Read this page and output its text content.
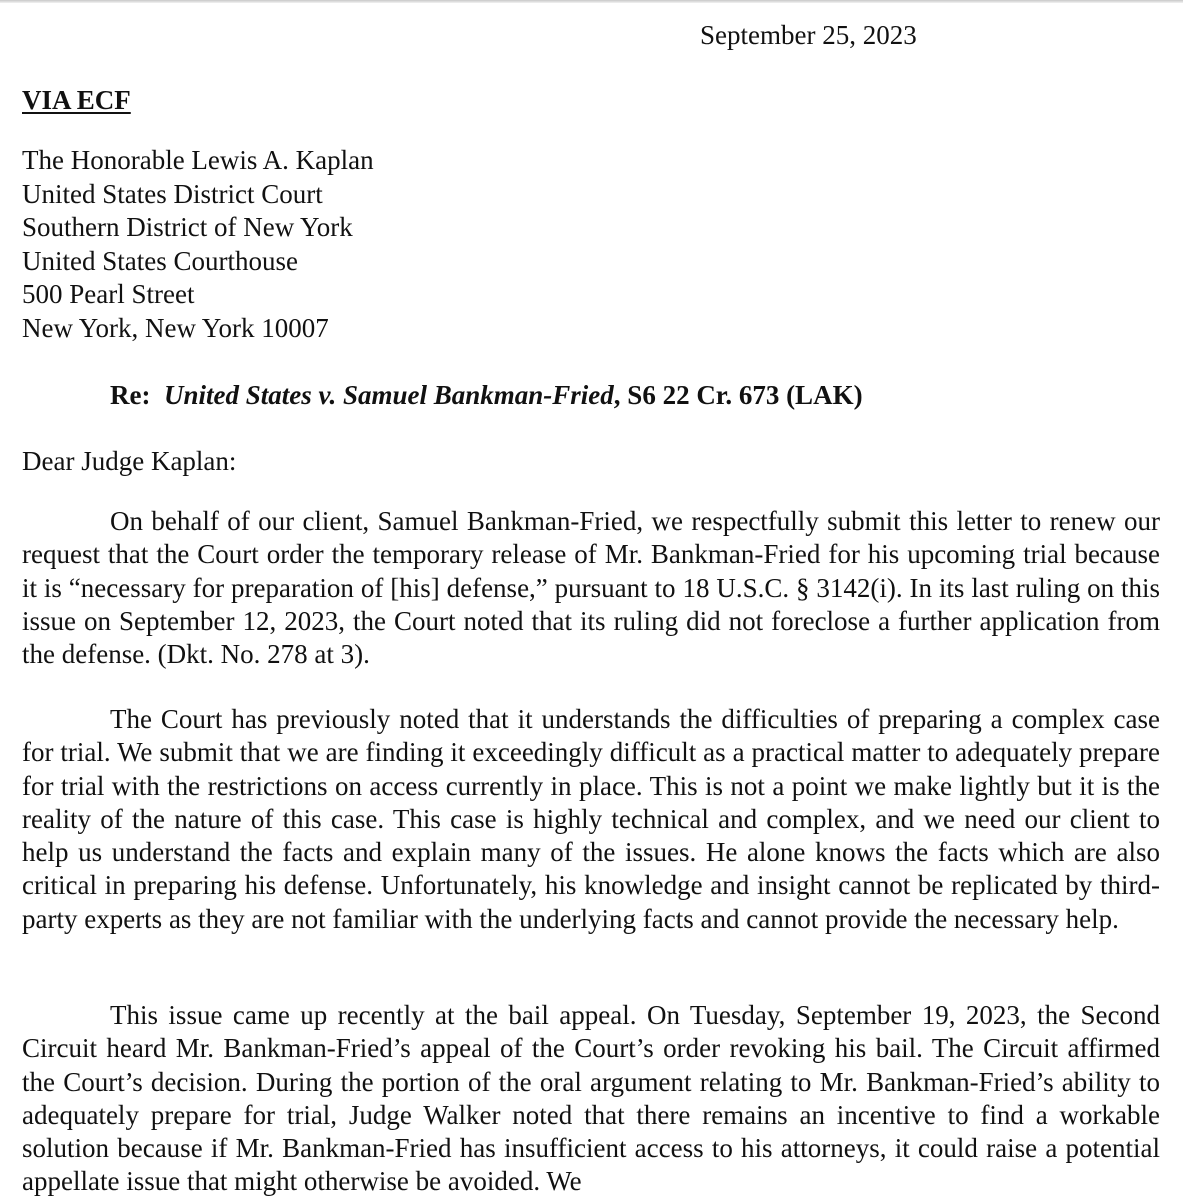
September 25, 2023
VIA ECF
The Honorable Lewis A. Kaplan
United States District Court
Southern District of New York
United States Courthouse
500 Pearl Street
New York, New York 10007
Re: United States v. Samuel Bankman-Fried, S6 22 Cr. 673 (LAK)
Dear Judge Kaplan:

On behalf of our client, Samuel Bankman-Fried, we respectfully submit this letter to renew our request that the Court order the temporary release of Mr. Bankman-Fried for his upcoming trial because it is “necessary for preparation of [his] defense,” pursuant to 18 U.S.C. § 3142(i). In its last ruling on this issue on September 12, 2023, the Court noted that its ruling did not foreclose a further application from the defense. (Dkt. No. 278 at 3).

The Court has previously noted that it understands the difficulties of preparing a complex case for trial. We submit that we are finding it exceedingly difficult as a practical matter to adequately prepare for trial with the restrictions on access currently in place. This is not a point we make lightly but it is the reality of the nature of this case. This case is highly technical and complex, and we need our client to help us understand the facts and explain many of the issues. He alone knows the facts which are also critical in preparing his defense. Unfortunately, his knowledge and insight cannot be replicated by third-party experts as they are not familiar with the underlying facts and cannot provide the necessary help.

This issue came up recently at the bail appeal. On Tuesday, September 19, 2023, the Second Circuit heard Mr. Bankman-Fried’s appeal of the Court’s order revoking his bail. The Circuit affirmed the Court’s decision. During the portion of the oral argument relating to Mr. Bankman-Fried’s ability to adequately prepare for trial, Judge Walker noted that there remains an incentive to find a workable solution because if Mr. Bankman-Fried has insufficient access to his attorneys, it could raise a potential appellate issue that might otherwise be avoided. We
